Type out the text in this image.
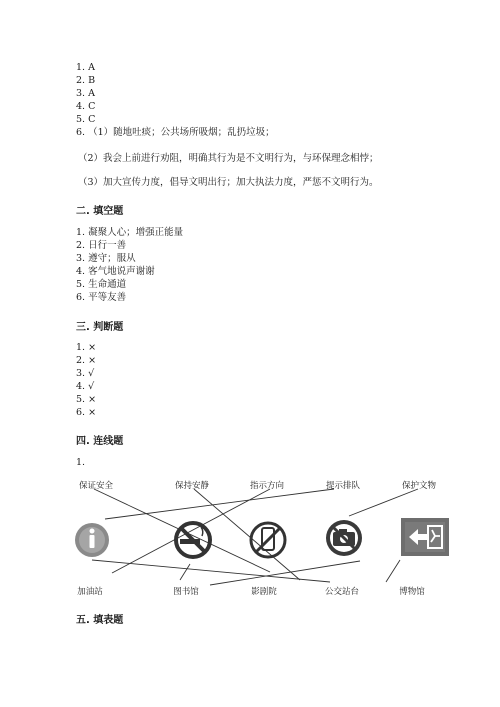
1. A
2. B
3. A
4. C
5. C
6. （1）随地吐痰；公共场所吸烟；乱扔垃圾；
（2）我会上前进行劝阻，明确其行为是不文明行为，与环保理念相悖；
（3）加大宣传力度，倡导文明出行；加大执法力度，严惩不文明行为。
二. 填空题
1. 凝聚人心；增强正能量
2. 日行一善
3. 遵守；服从
4. 客气地说声谢谢
5. 生命通道
6. 平等友善
三. 判断题
1. ×
2. ×
3. √
4. √
5. ×
6. ×
四. 连线题
1.
保证安全	保持安静	指示方向	提示排队	保护文物
加油站	图书馆	影剧院	公交站台	博物馆
五. 填表题
